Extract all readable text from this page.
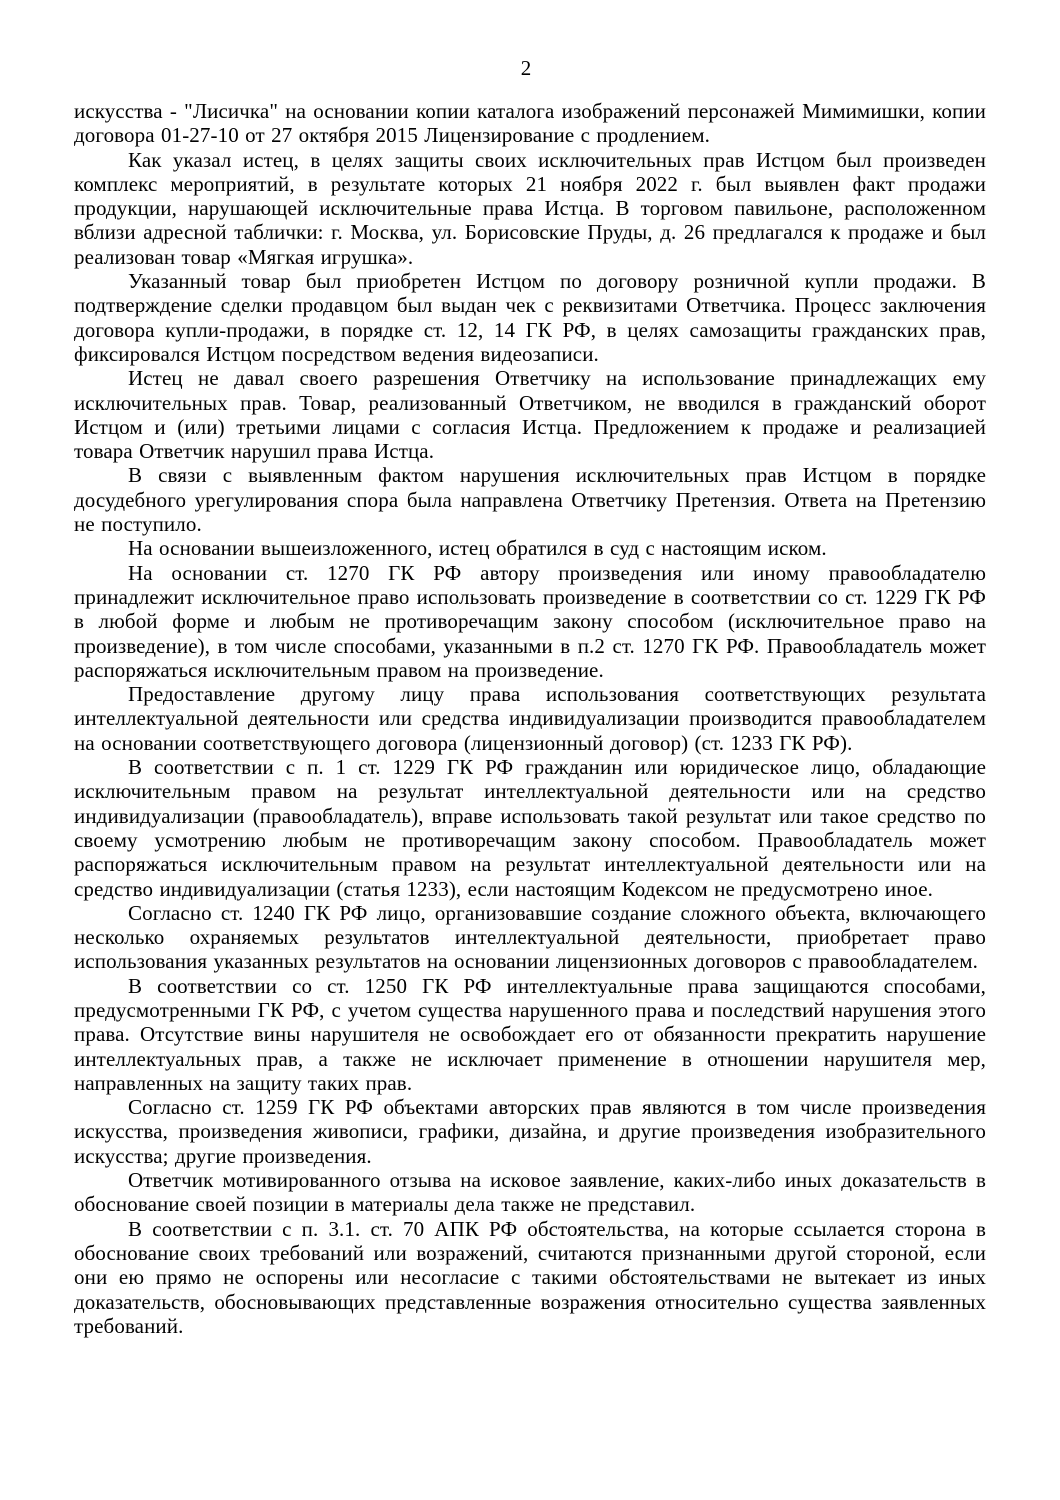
2

искусства - "Лисичка" на основании копии каталога изображений персонажей Мимимишки, копии договора 01-27-10 от 27 октября 2015 Лицензирование с продлением.

Как указал истец, в целях защиты своих исключительных прав Истцом был произведен комплекс мероприятий, в результате которых 21 ноября 2022 г. был выявлен факт продажи продукции, нарушающей исключительные права Истца. В торговом павильоне, расположенном вблизи адресной таблички: г. Москва, ул. Борисовские Пруды, д. 26 предлагался к продаже и был реализован товар «Мягкая игрушка».

Указанный товар был приобретен Истцом по договору розничной купли продажи. В подтверждение сделки продавцом был выдан чек с реквизитами Ответчика. Процесс заключения договора купли-продажи, в порядке ст. 12, 14 ГК РФ, в целях самозащиты гражданских прав, фиксировался Истцом посредством ведения видеозаписи.

Истец не давал своего разрешения Ответчику на использование принадлежащих ему исключительных прав. Товар, реализованный Ответчиком, не вводился в гражданский оборот Истцом и (или) третьими лицами с согласия Истца. Предложением к продаже и реализацией товара Ответчик нарушил права Истца.

В связи с выявленным фактом нарушения исключительных прав Истцом в порядке досудебного урегулирования спора была направлена Ответчику Претензия. Ответа на Претензию не поступило.

На основании вышеизложенного, истец обратился в суд с настоящим иском.

На основании ст. 1270 ГК РФ автору произведения или иному правообладателю принадлежит исключительное право использовать произведение в соответствии со ст. 1229 ГК РФ в любой форме и любым не противоречащим закону способом (исключительное право на произведение), в том числе способами, указанными в п.2 ст. 1270 ГК РФ. Правообладатель может распоряжаться исключительным правом на произведение.

Предоставление другому лицу права использования соответствующих результата интеллектуальной деятельности или средства индивидуализации производится правообладателем на основании соответствующего договора (лицензионный договор) (ст. 1233 ГК РФ).

В соответствии с п. 1 ст. 1229 ГК РФ гражданин или юридическое лицо, обладающие исключительным правом на результат интеллектуальной деятельности или на средство индивидуализации (правообладатель), вправе использовать такой результат или такое средство по своему усмотрению любым не противоречащим закону способом. Правообладатель может распоряжаться исключительным правом на результат интеллектуальной деятельности или на средство индивидуализации (статья 1233), если настоящим Кодексом не предусмотрено иное.

Согласно ст. 1240 ГК РФ лицо, организовавшие создание сложного объекта, включающего несколько охраняемых результатов интеллектуальной деятельности, приобретает право использования указанных результатов на основании лицензионных договоров с правообладателем.

В соответствии со ст. 1250 ГК РФ интеллектуальные права защищаются способами, предусмотренными ГК РФ, с учетом существа нарушенного права и последствий нарушения этого права. Отсутствие вины нарушителя не освобождает его от обязанности прекратить нарушение интеллектуальных прав, а также не исключает применение в отношении нарушителя мер, направленных на защиту таких прав.

Согласно ст. 1259 ГК РФ объектами авторских прав являются в том числе произведения искусства, произведения живописи, графики, дизайна, и другие произведения изобразительного искусства; другие произведения.

Ответчик мотивированного отзыва на исковое заявление, каких-либо иных доказательств в обоснование своей позиции в материалы дела также не представил.

В соответствии с п. 3.1. ст. 70 АПК РФ обстоятельства, на которые ссылается сторона в обоснование своих требований или возражений, считаются признанными другой стороной, если они ею прямо не оспорены или несогласие с такими обстоятельствами не вытекает из иных доказательств, обосновывающих представленные возражения относительно существа заявленных требований.
